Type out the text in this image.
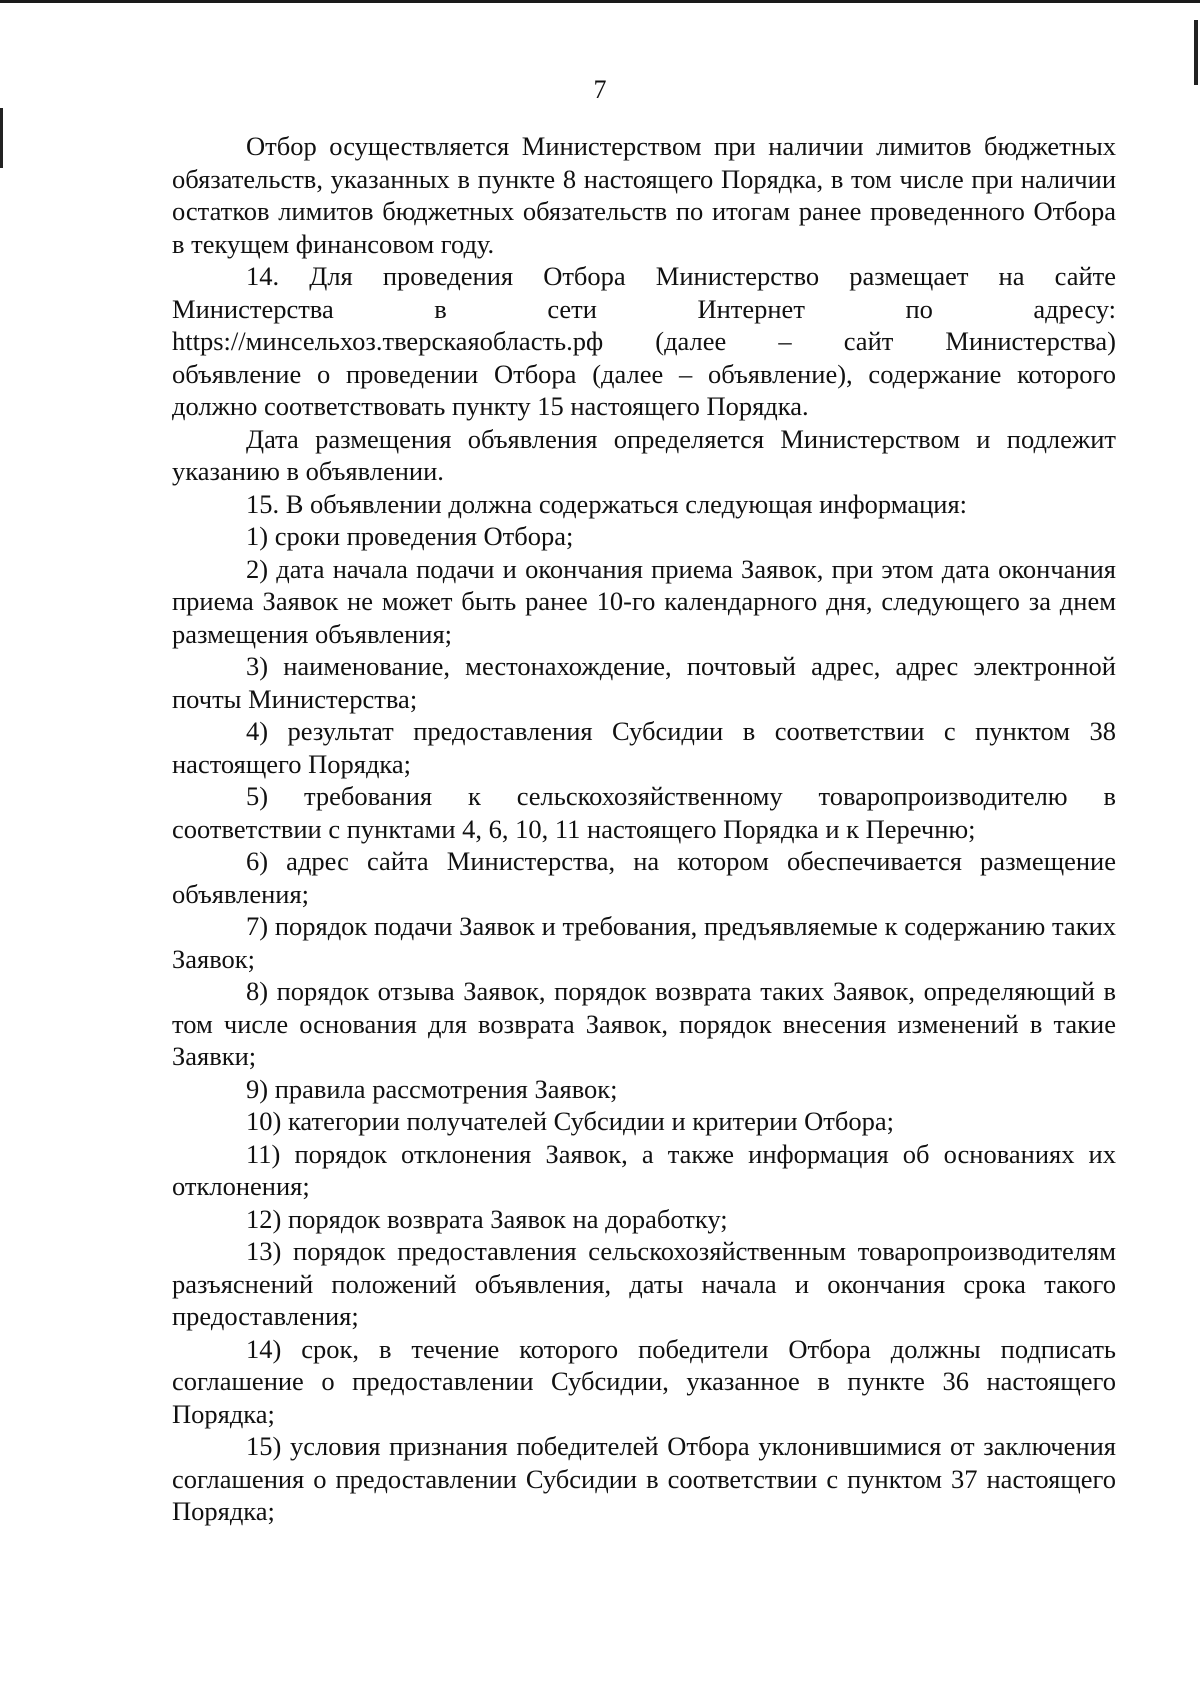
7

Отбор осуществляется Министерством при наличии лимитов бюджетных обязательств, указанных в пункте 8 настоящего Порядка, в том числе при наличии остатков лимитов бюджетных обязательств по итогам ранее проведенного Отбора в текущем финансовом году.

14. Для проведения Отбора Министерство размещает на сайте

Министерства	в	сети	Интернет	по	адресу:

https://минсельхоз.тверскаяобласть.рф (далее – сайт Министерства)

объявление о проведении Отбора (далее – объявление), содержание которого должно соответствовать пункту 15 настоящего Порядка.

Дата размещения объявления определяется Министерством и подлежит указанию в объявлении.

15. В объявлении должна содержаться следующая информация:

1) сроки проведения Отбора;

2) дата начала подачи и окончания приема Заявок, при этом дата окончания приема Заявок не может быть ранее 10-го календарного дня, следующего за днем размещения объявления;

3) наименование, местонахождение, почтовый адрес, адрес электронной почты Министерства;

4) результат предоставления Субсидии в соответствии с пунктом 38 настоящего Порядка;

5) требования к сельскохозяйственному товаропроизводителю в соответствии с пунктами 4, 6, 10, 11 настоящего Порядка и к Перечню;

6) адрес сайта Министерства, на котором обеспечивается размещение объявления;

7) порядок подачи Заявок и требования, предъявляемые к содержанию таких Заявок;

8) порядок отзыва Заявок, порядок возврата таких Заявок, определяющий в том числе основания для возврата Заявок, порядок внесения изменений в такие Заявки;

9) правила рассмотрения Заявок;

10) категории получателей Субсидии и критерии Отбора;

11) порядок отклонения Заявок, а также информация об основаниях их отклонения;

12) порядок возврата Заявок на доработку;

13) порядок предоставления сельскохозяйственным товаропроизводителям разъяснений положений объявления, даты начала и окончания срока такого предоставления;

14) срок, в течение которого победители Отбора должны подписать соглашение о предоставлении Субсидии, указанное в пункте 36 настоящего Порядка;

15) условия признания победителей Отбора уклонившимися от заключения соглашения о предоставлении Субсидии в соответствии с пунктом 37 настоящего Порядка;
